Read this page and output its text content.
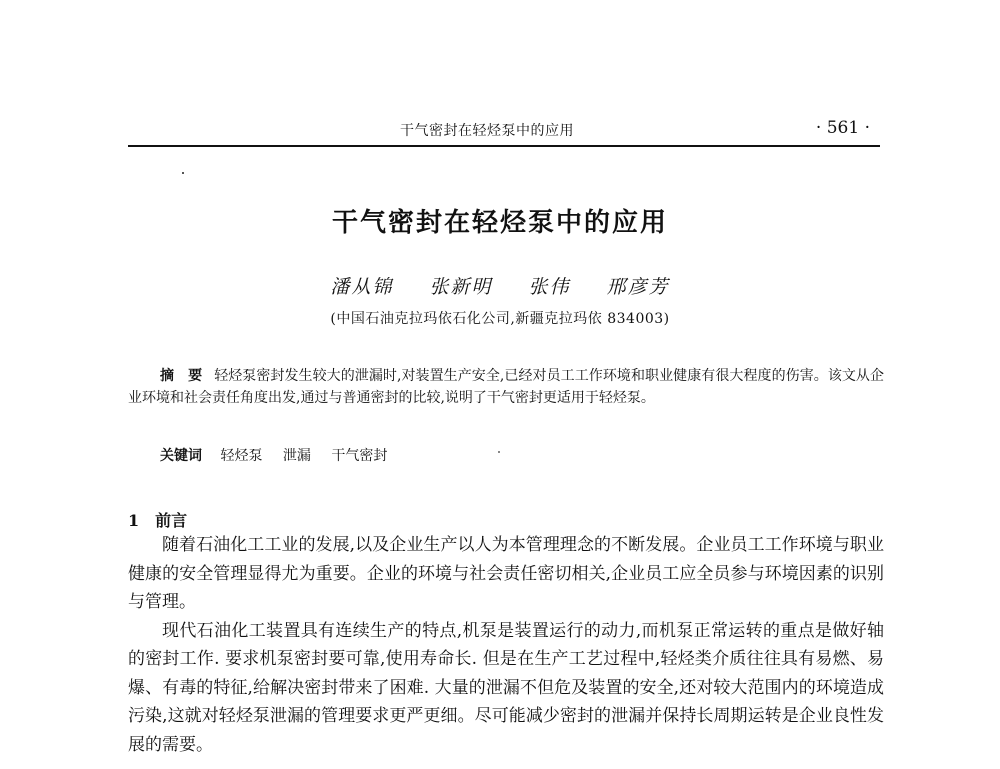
干气密封在轻烃泵中的应用	· 561 ·
干气密封在轻烃泵中的应用
潘从锦 张新明 张伟 邢彦芳
(中国石油克拉玛依石化公司,新疆克拉玛依 834003)
摘　要 轻烃泵密封发生较大的泄漏时,对装置生产安全,已经对员工工作环境和职业健康有很大程度的伤害。该文从企业环境和社会责任角度出发,通过与普通密封的比较,说明了干气密封更适用于轻烃泵。
关键词 轻烃泵 泄漏 干气密封
1 前言

随着石油化工工业的发展,以及企业生产以人为本管理理念的不断发展。企业员工工作环境与职业健康的安全管理显得尤为重要。企业的环境与社会责任密切相关,企业员工应全员参与环境因素的识别与管理。

现代石油化工装置具有连续生产的特点,机泵是装置运行的动力,而机泵正常运转的重点是做好轴的密封工作. 要求机泵密封要可靠,使用寿命长. 但是在生产工艺过程中,轻烃类介质往往具有易燃、易爆、有毒的特征,给解决密封带来了困难. 大量的泄漏不但危及装置的安全,还对较大范围内的环境造成污染,这就对轻烃泵泄漏的管理要求更严更细。尽可能减少密封的泄漏并保持长周期运转是企业良性发展的需要。
